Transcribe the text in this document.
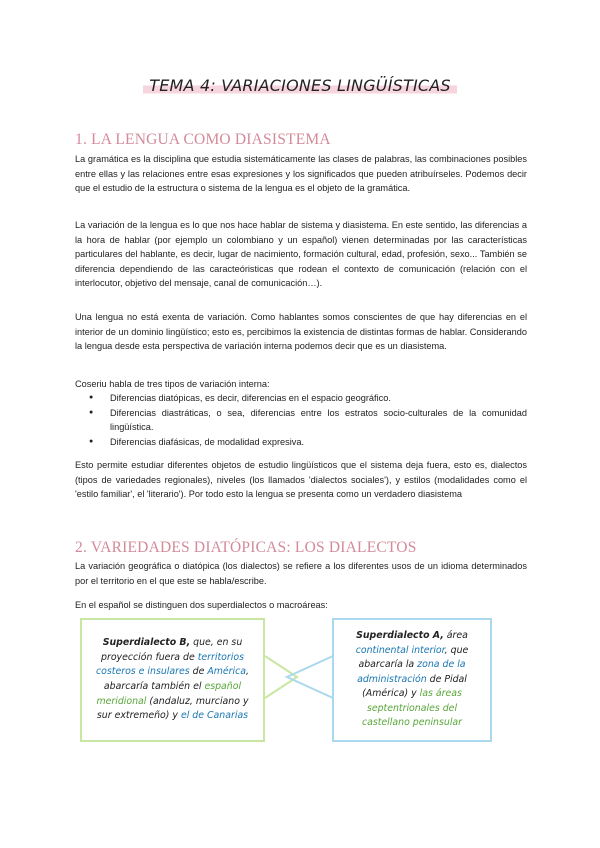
TEMA 4: VARIACIONES LINGÜÍSTICAS
1. LA LENGUA COMO DIASISTEMA

La gramática es la disciplina que estudia sistemáticamente las clases de palabras, las combinaciones posibles entre ellas y las relaciones entre esas expresiones y los significados que pueden atribuírseles. Podemos decir que el estudio de la estructura o sistema de la lengua es el objeto de la gramática.

La variación de la lengua es lo que nos hace hablar de sistema y diasistema. En este sentido, las diferencias a la hora de hablar (por ejemplo un colombiano y un español) vienen determinadas por las características particulares del hablante, es decir, lugar de nacimiento, formación cultural, edad, profesión, sexo... También se diferencia dependiendo de las caracteóristicas que rodean el contexto de comunicación (relación con el interlocutor, objetivo del mensaje, canal de comunicación…).

Una lengua no está exenta de variación. Como hablantes somos conscientes de que hay diferencias en el interior de un dominio lingüístico; esto es, percibimos la existencia de distintas formas de hablar. Considerando la lengua desde esta perspectiva de variación interna podemos decir que es un diasistema.

Coseriu habla de tres tipos de variación interna:

● Diferencias diatópicas, es decir, diferencias en el espacio geográfico.
● Diferencias diastráticas, o sea, diferencias entre los estratos socio-culturales de la comunidad lingüística.
● Diferencias diafásicas, de modalidad expresiva.

Esto permite estudiar diferentes objetos de estudio lingüísticos que el sistema deja fuera, esto es, dialectos (tipos de variedades regionales), niveles (los llamados 'dialectos sociales'), y estilos (modalidades como el 'estilo familiar', el 'literario'). Por todo esto la lengua se presenta como un verdadero diasistema

2. VARIEDADES DIATÓPICAS: LOS DIALECTOS

La variación geográfica o diatópica (los dialectos) se refiere a los diferentes usos de un idioma determinados por el territorio en el que este se habla/escribe.

En el español se distinguen dos superdialectos o macroáreas:

Superdialecto B, que, en su proyección fuera de territorios costeros e insulares de América, abarcaría también el español meridional (andaluz, murciano y sur extremeño) y el de Canarias
Superdialecto A, área continental interior, que abarcaría la zona de la administración de Pidal (América) y las áreas septentrionales del castellano peninsular
